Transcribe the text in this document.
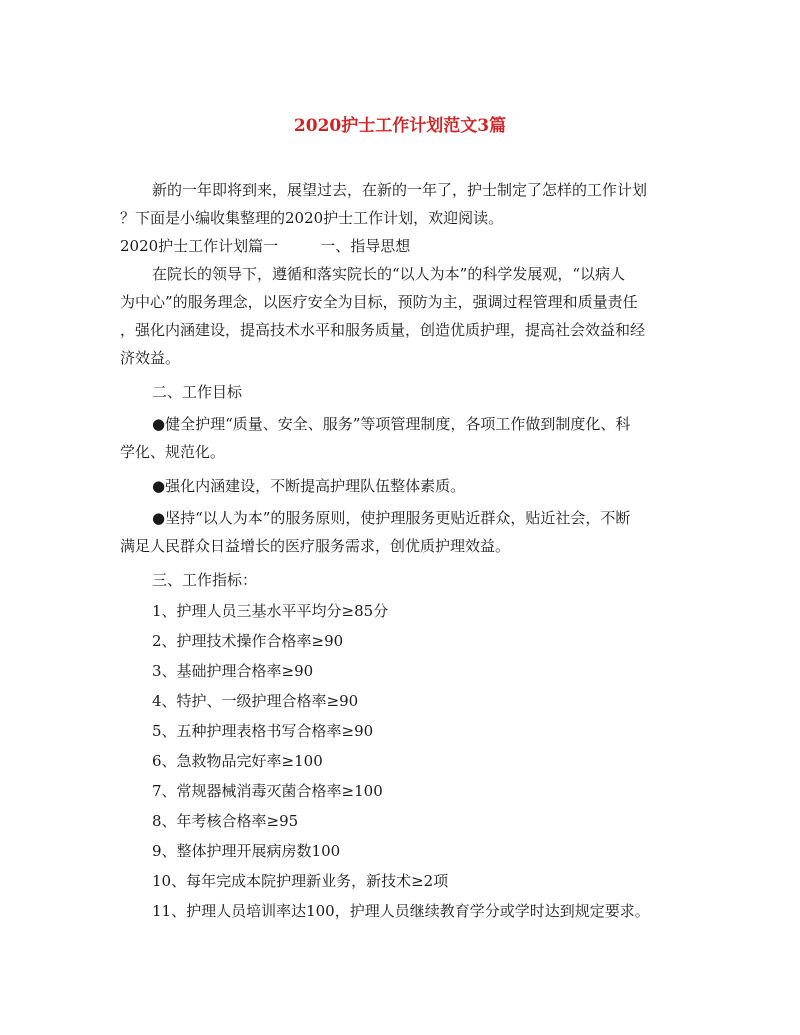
2020护士工作计划范文3篇

新的一年即将到来，展望过去，在新的一年了，护士制定了怎样的工作计划

？下面是小编收集整理的2020护士工作计划，欢迎阅读。

2020护士工作计划篇一	一、指导思想

在院长的领导下，遵循和落实院长的“以人为本”的科学发展观，“以病人

为中心”的服务理念，以医疗安全为目标，预防为主，强调过程管理和质量责任

，强化内涵建设，提高技术水平和服务质量，创造优质护理，提高社会效益和经

济效益。

二、工作目标

●健全护理“质量、安全、服务”等项管理制度，各项工作做到制度化、科

学化、规范化。

●强化内涵建设，不断提高护理队伍整体素质。

●坚持“以人为本”的服务原则，使护理服务更贴近群众，贴近社会，不断

满足人民群众日益增长的医疗服务需求，创优质护理效益。

三、工作指标：

1、护理人员三基水平平均分≥85分
2、护理技术操作合格率≥90
3、基础护理合格率≥90
4、特护、一级护理合格率≥90
5、五种护理表格书写合格率≥90
6、急救物品完好率≥100
7、常规器械消毒灭菌合格率≥100
8、年考核合格率≥95
9、整体护理开展病房数100
10、每年完成本院护理新业务，新技术≥2项
11、护理人员培训率达100，护理人员继续教育学分或学时达到规定要求。
